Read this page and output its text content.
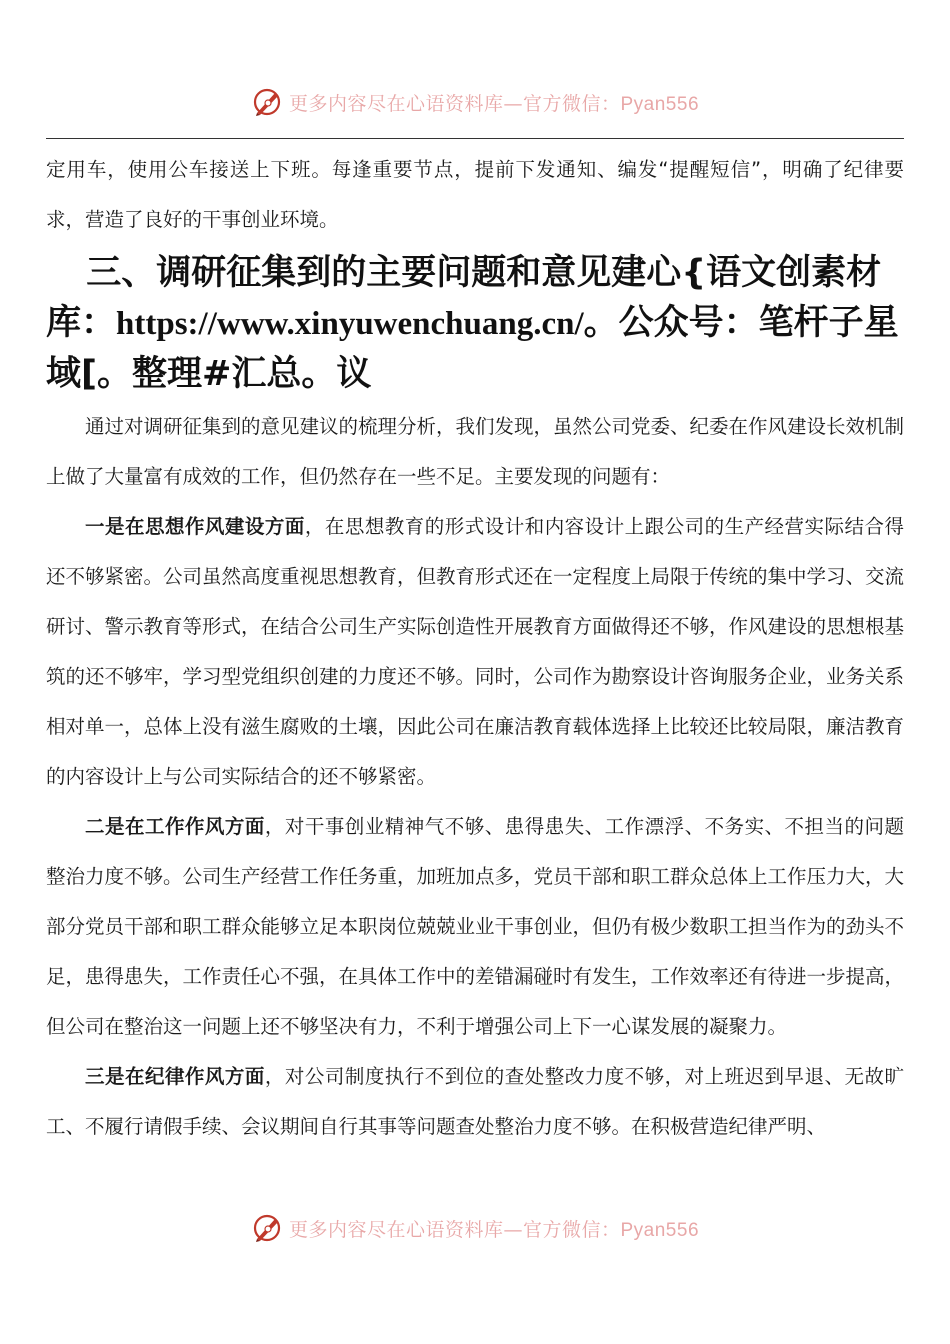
更多内容尽在心语资料库—官方微信：Pyan556

定用车，使用公车接送上下班。每逢重要节点，提前下发通知、编发“提醒短信”，明确了纪律要求，营造了良好的干事创业环境。

三、调研征集到的主要问题和意见建心{语文创素材库：https://www.xinyuwenchuang.cn/。公众号：笔杆子星域[。整理#汇总。议

通过对调研征集到的意见建议的梳理分析，我们发现，虽然公司党委、纪委在作风建设长效机制上做了大量富有成效的工作，但仍然存在一些不足。主要发现的问题有：

一是在思想作风建设方面，在思想教育的形式设计和内容设计上跟公司的生产经营实际结合得还不够紧密。公司虽然高度重视思想教育，但教育形式还在一定程度上局限于传统的集中学习、交流研讨、警示教育等形式，在结合公司生产实际创造性开展教育方面做得还不够，作风建设的思想根基筑的还不够牢，学习型党组织创建的力度还不够。同时，公司作为勘察设计咨询服务企业，业务关系相对单一，总体上没有滋生腐败的土壤，因此公司在廉洁教育载体选择上比较还比较局限，廉洁教育的内容设计上与公司实际结合的还不够紧密。

二是在工作作风方面，对干事创业精神气不够、患得患失、工作漂浮、不务实、不担当的问题整治力度不够。公司生产经营工作任务重，加班加点多，党员干部和职工群众总体上工作压力大，大部分党员干部和职工群众能够立足本职岗位兢兢业业干事创业，但仍有极少数职工担当作为的劲头不足，患得患失，工作责任心不强，在具体工作中的差错漏碰时有发生，工作效率还有待进一步提高，但公司在整治这一问题上还不够坚决有力，不利于增强公司上下一心谋发展的凝聚力。

三是在纪律作风方面，对公司制度执行不到位的查处整改力度不够，对上班迟到早退、无故旷工、不履行请假手续、会议期间自行其事等问题查处整治力度不够。在积极营造纪律严明、

更多内容尽在心语资料库—官方微信：Pyan556
